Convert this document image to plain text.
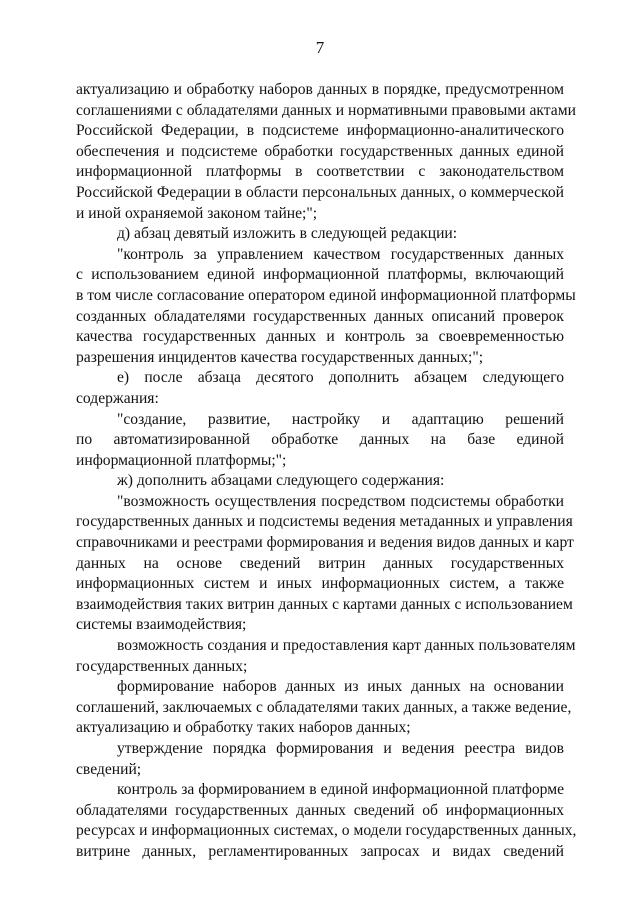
7
актуализацию и обработку наборов данных в порядке, предусмотренном
соглашениями с обладателями данных и нормативными правовыми актами
Российской Федерации, в подсистеме информационно-аналитического
обеспечения и подсистеме обработки государственных данных единой
информационной платформы в соответствии с законодательством
Российской Федерации в области персональных данных, о коммерческой
и иной охраняемой законом тайне;";
д) абзац девятый изложить в следующей редакции:
"контроль за управлением качеством государственных данных
с использованием единой информационной платформы, включающий
в том числе согласование оператором единой информационной платформы
созданных обладателями государственных данных описаний проверок
качества государственных данных и контроль за своевременностью
разрешения инцидентов качества государственных данных;";
е) после абзаца десятого дополнить абзацем следующего
содержания:
"создание, развитие, настройку и адаптацию решений
по автоматизированной обработке данных на базе единой
информационной платформы;";
ж) дополнить абзацами следующего содержания:
"возможность осуществления посредством подсистемы обработки
государственных данных и подсистемы ведения метаданных и управления
справочниками и реестрами формирования и ведения видов данных и карт
данных на основе сведений витрин данных государственных
информационных систем и иных информационных систем, а также
взаимодействия таких витрин данных с картами данных с использованием
системы взаимодействия;
возможность создания и предоставления карт данных пользователям
государственных данных;
формирование наборов данных из иных данных на основании
соглашений, заключаемых с обладателями таких данных, а также ведение,
актуализацию и обработку таких наборов данных;
утверждение порядка формирования и ведения реестра видов
сведений;
контроль за формированием в единой информационной платформе
обладателями государственных данных сведений об информационных
ресурсах и информационных системах, о модели государственных данных,
витрине данных, регламентированных запросах и видах сведений
